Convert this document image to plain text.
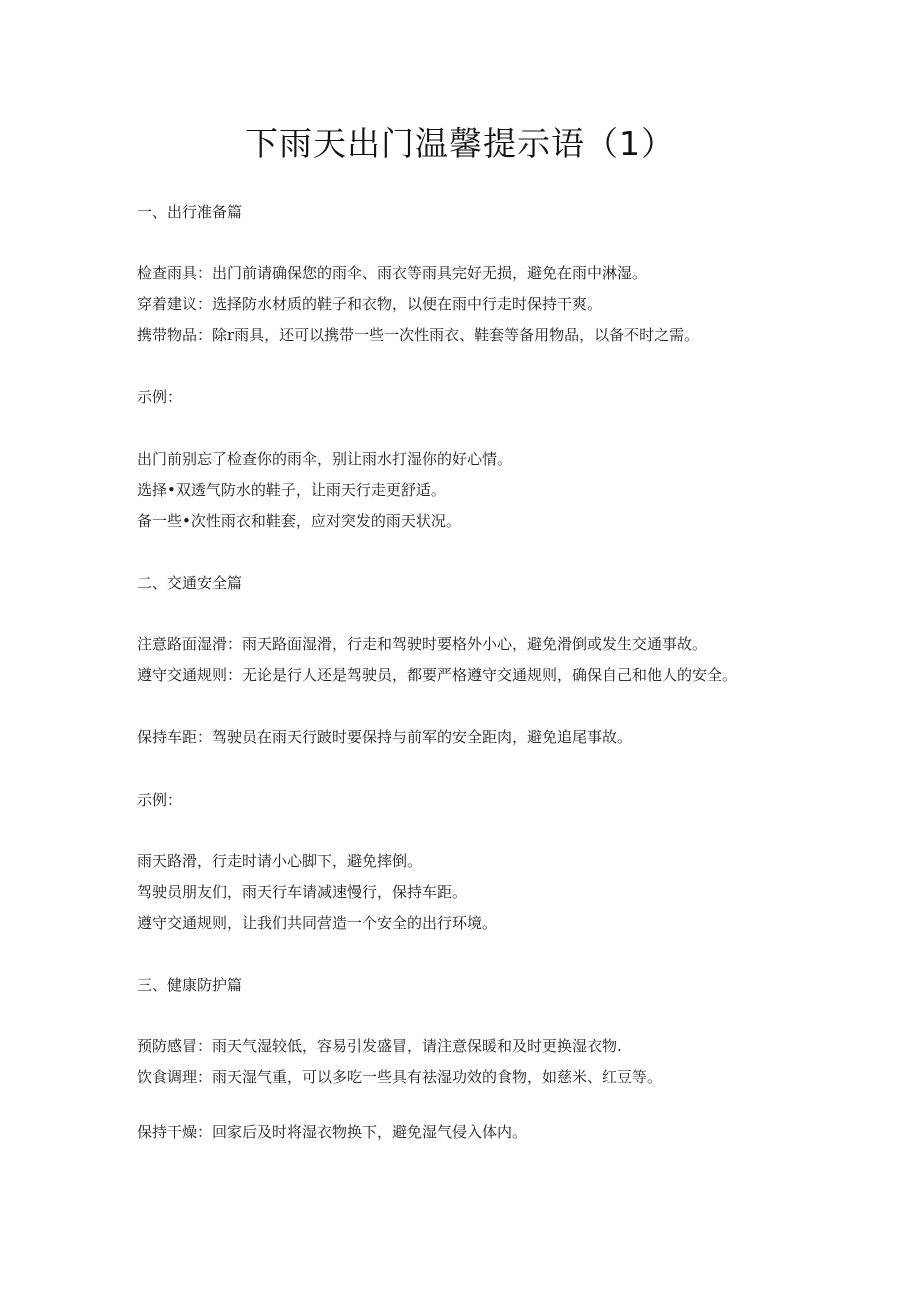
下雨天出门温馨提示语（1）

一、出行准备篇

检查雨具：出门前请确保您的雨伞、雨衣等雨具完好无损，避免在雨中淋湿。

穿着建议：选择防水材质的鞋子和衣物，以便在雨中行走时保持干爽。

携带物品：除r雨具，还可以携带一些一次性雨衣、鞋套等备用物品，以备不时之需。

示例：

出门前别忘了检查你的雨伞，别让雨水打湿你的好心情。

选择•双透气防水的鞋子，让雨天行走更舒适。

备一些•次性雨衣和鞋套，应对突发的雨天状况。

二、交通安全篇

注意路面湿滑：雨天路面湿滑，行走和驾驶时要格外小心，避免滑倒或发生交通事故。

遵守交通规则：无论是行人还是驾驶员，都要严格遵守交通规则，确保自己和他人的安全。

保持车距：驾驶员在雨天行跛时要保持与前军的安全距肉，避免追尾事故。

示例：

雨天路滑，行走时请小心脚下，避免摔倒。

驾驶员朋友们，雨天行车请减速慢行，保持车距。

遵守交通规则，让我们共同营造一个安全的出行环境。

三、健康防护篇

预防感冒：雨天气湿较低，容易引发盛冒，请注意保暖和及时更换湿衣物.

饮食调理：雨天湿气重，可以多吃一些具有祛湿功效的食物，如慈米、红豆等。

保持干燥：回家后及时将湿衣物换下，避免湿气侵入体内。
